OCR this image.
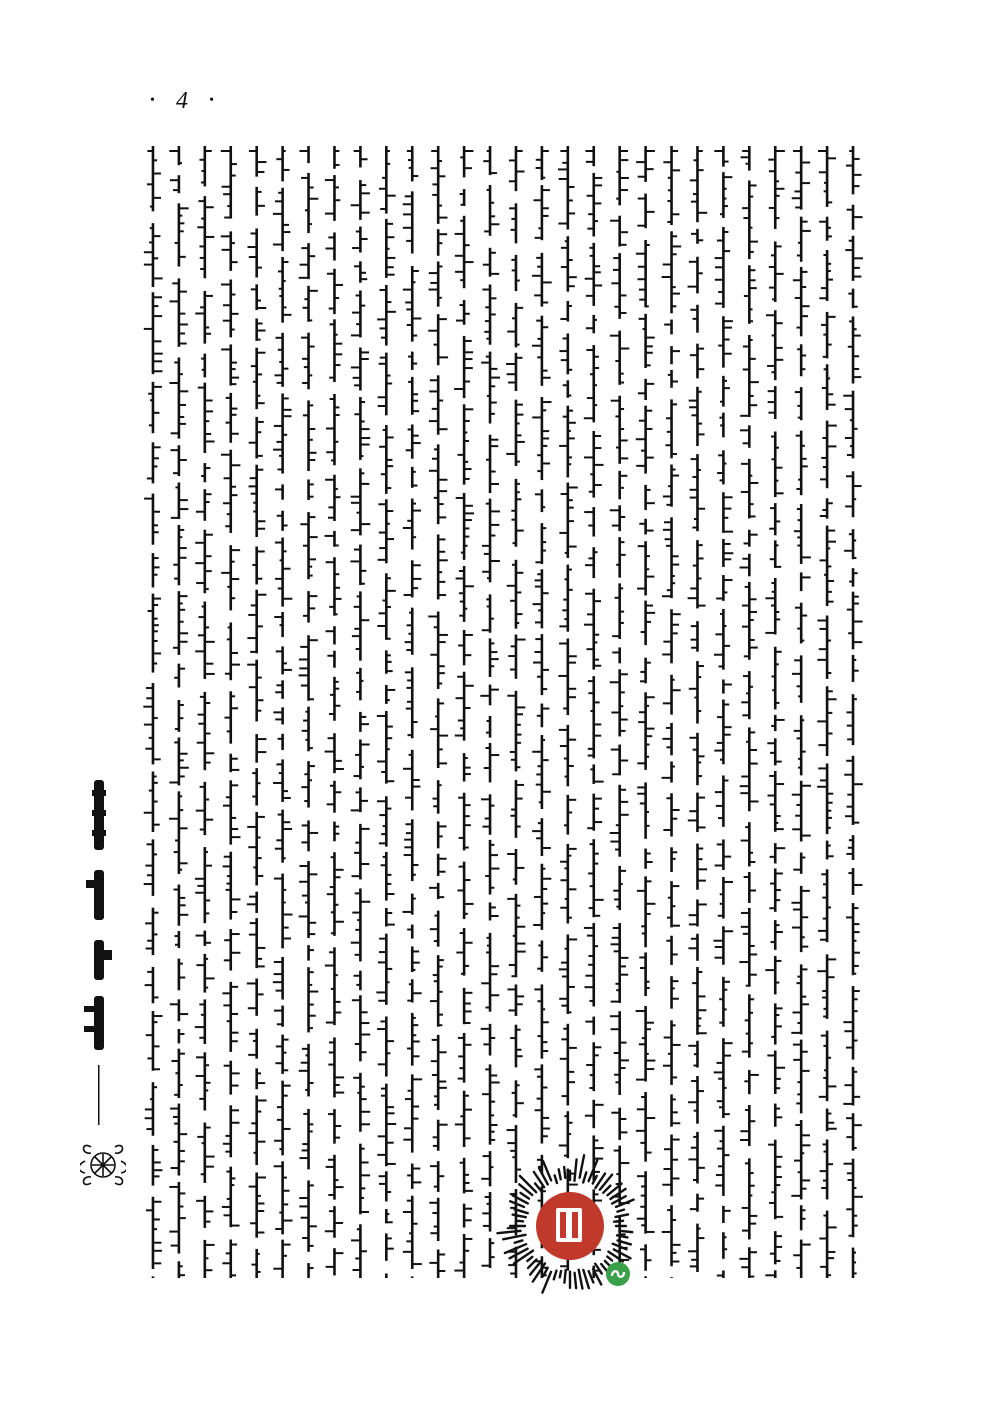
• 4 •
